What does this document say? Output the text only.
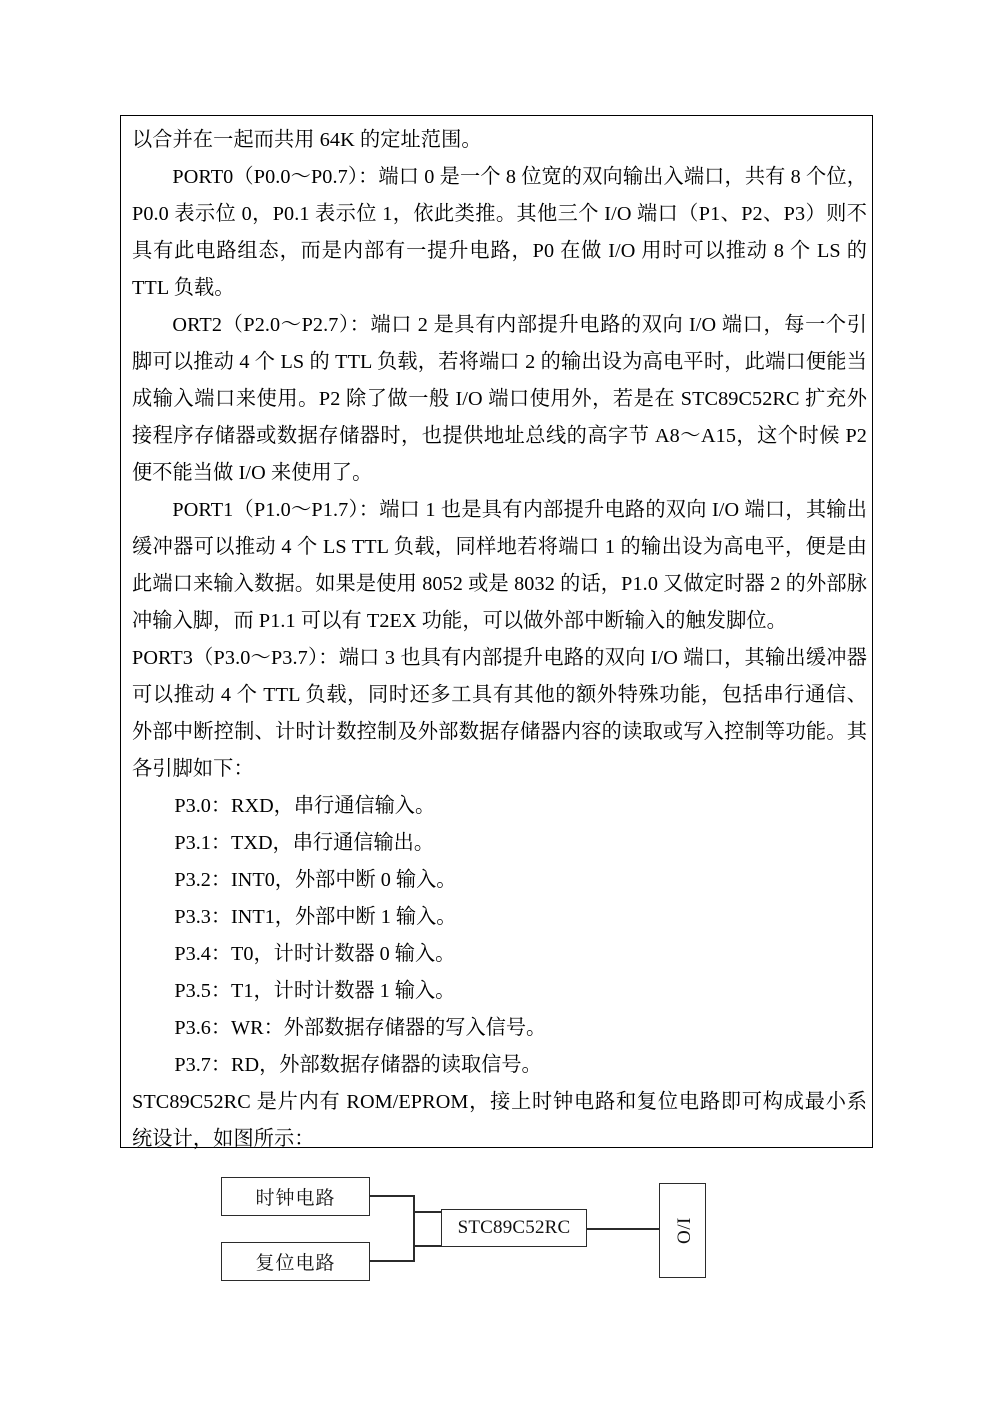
以合并在一起而共用 64K 的定址范围。

PORT0（P0.0～P0.7）：端口 0 是一个 8 位宽的双向输出入端口，共有 8 个位，P0.0 表示位 0，P0.1 表示位 1，依此类推。其他三个 I/O 端口（P1、P2、P3）则不具有此电路组态，而是内部有一提升电路，P0 在做 I/O 用时可以推动 8 个 LS 的 TTL 负载。

ORT2（P2.0～P2.7）：端口 2 是具有内部提升电路的双向 I/O 端口，每一个引脚可以推动 4 个 LS 的 TTL 负载，若将端口 2 的输出设为高电平时，此端口便能当成输入端口来使用。P2 除了做一般 I/O 端口使用外，若是在 STC89C52RC 扩充外接程序存储器或数据存储器时，也提供地址总线的高字节 A8～A15，这个时候 P2 便不能当做 I/O 来使用了。

PORT1（P1.0～P1.7）：端口 1 也是具有内部提升电路的双向 I/O 端口，其输出缓冲器可以推动 4 个 LS TTL 负载，同样地若将端口 1 的输出设为高电平，便是由此端口来输入数据。如果是使用 8052 或是 8032 的话，P1.0 又做定时器 2 的外部脉冲输入脚，而 P1.1 可以有 T2EX 功能，可以做外部中断输入的触发脚位。

PORT3（P3.0～P3.7）：端口 3 也具有内部提升电路的双向 I/O 端口，其输出缓冲器可以推动 4 个 TTL 负载，同时还多工具有其他的额外特殊功能，包括串行通信、外部中断控制、计时计数控制及外部数据存储器内容的读取或写入控制等功能。其各引脚如下：

P3.0：RXD，串行通信输入。

P3.1：TXD，串行通信输出。

P3.2：INT0，外部中断 0 输入。

P3.3：INT1，外部中断 1 输入。

P3.4：T0，计时计数器 0 输入。

P3.5：T1，计时计数器 1 输入。

P3.6：WR：外部数据存储器的写入信号。

P3.7：RD，外部数据存储器的读取信号。

STC89C52RC 是片内有 ROM/EPROM，接上时钟电路和复位电路即可构成最小系统设计，如图所示：

时钟电路
复位电路
STC89C52RC	I/O
